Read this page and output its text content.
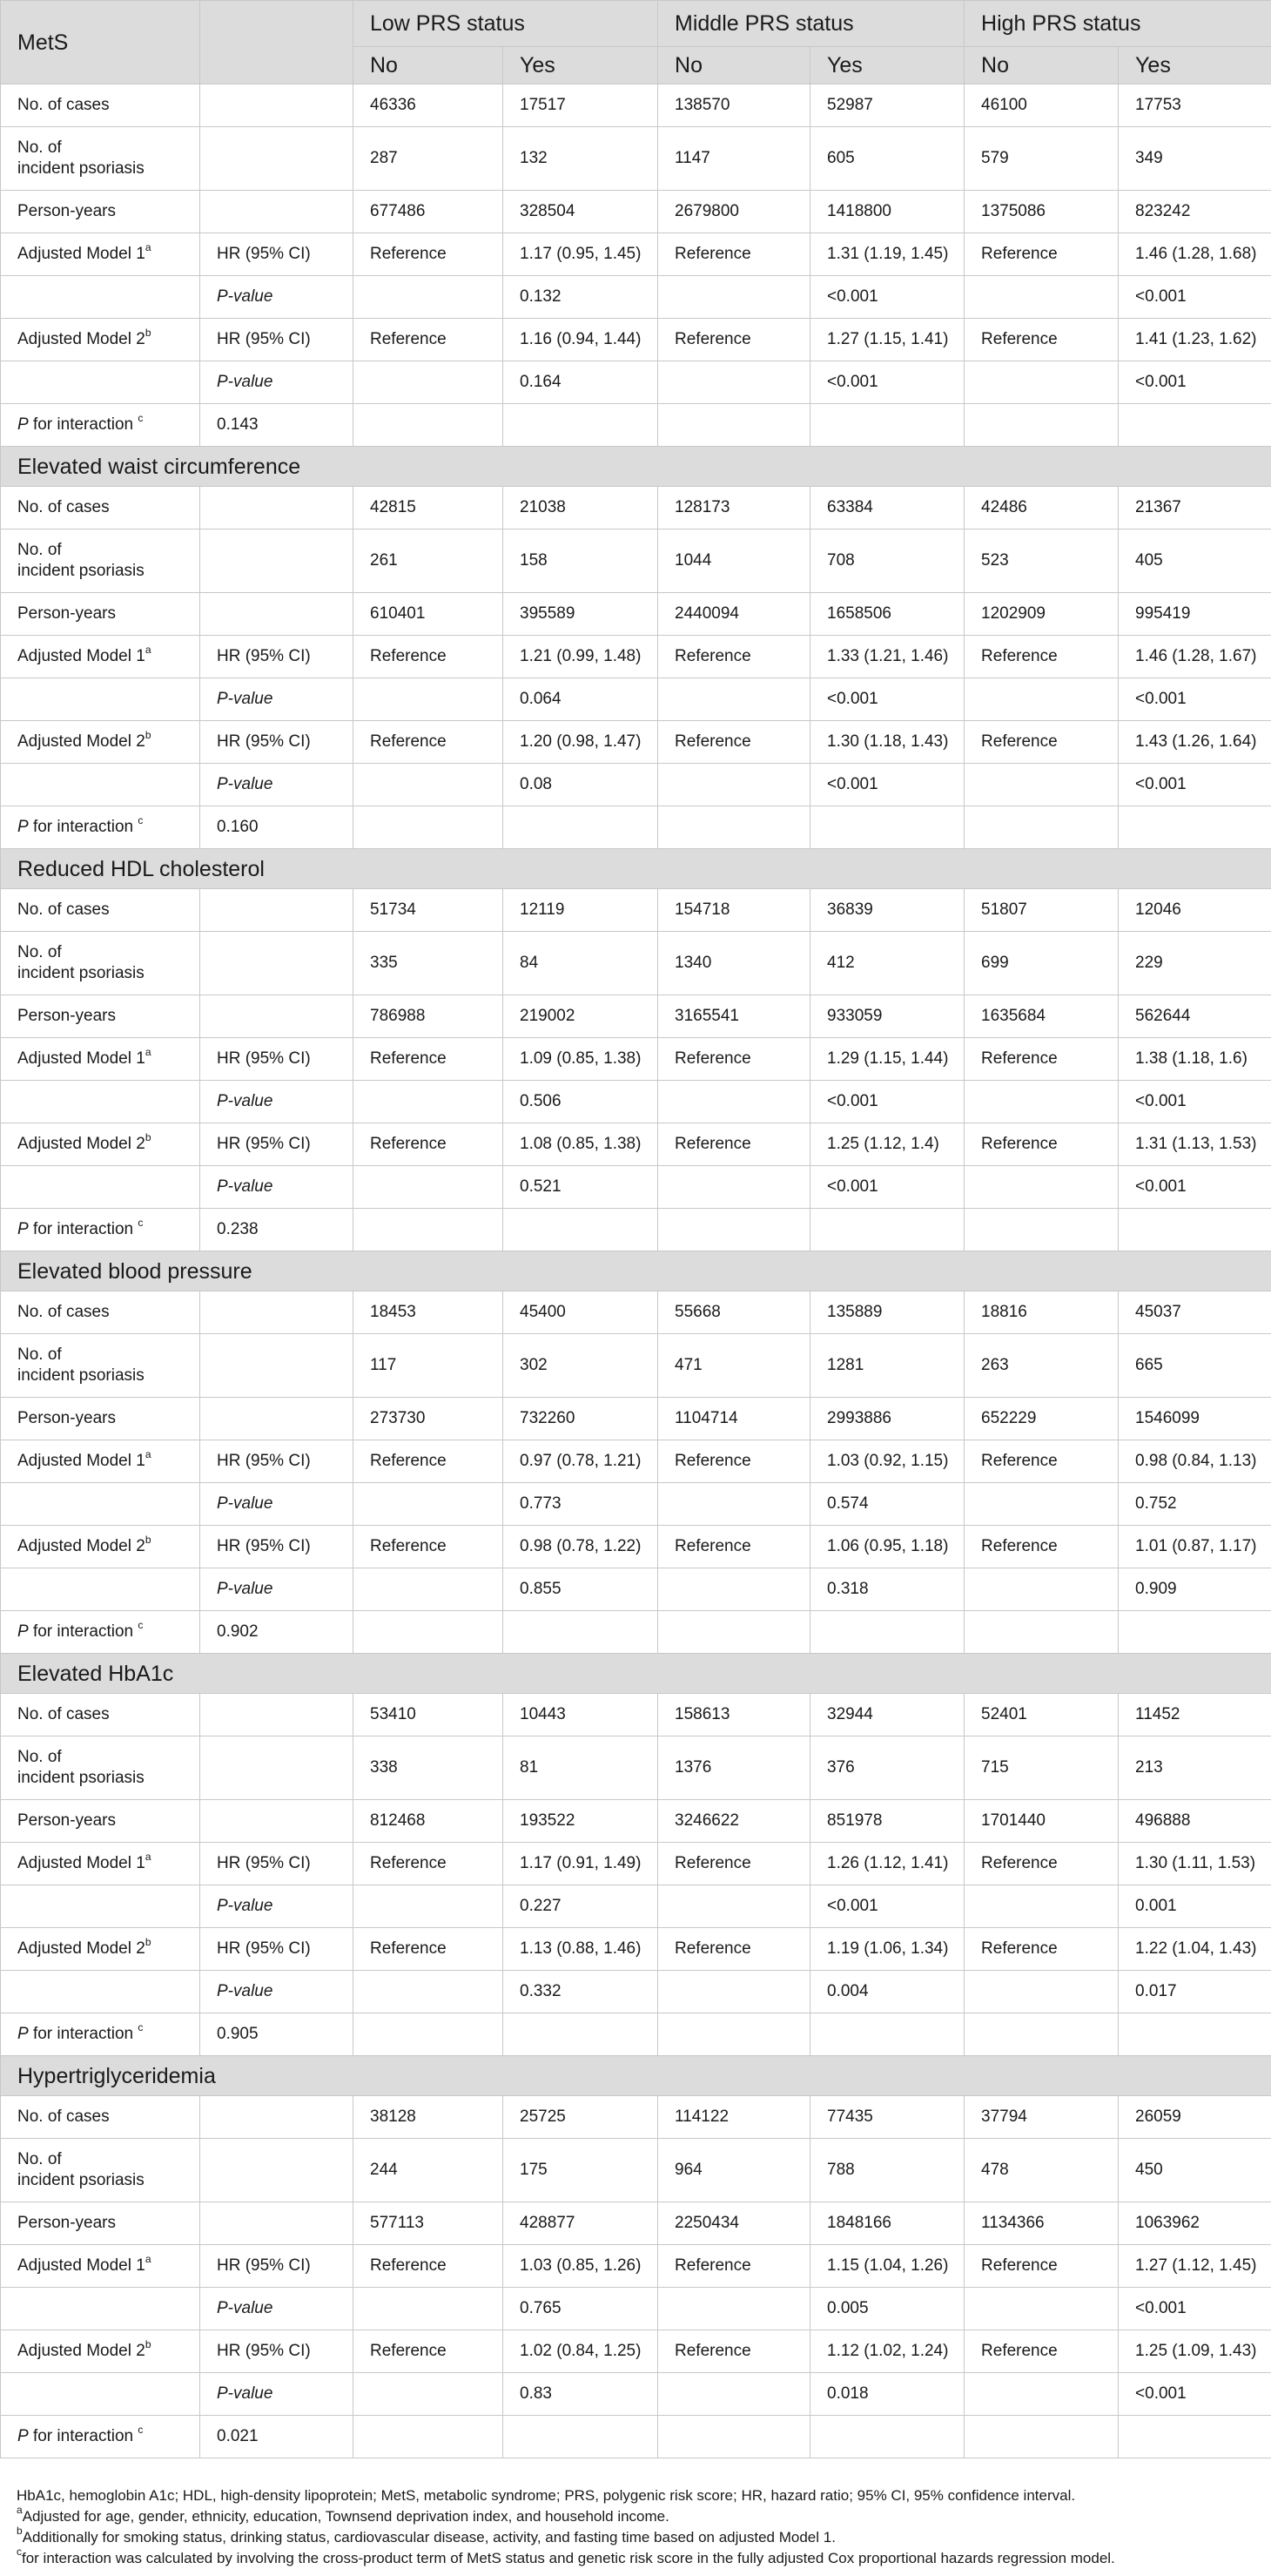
MetS		Low PRS status		Middle PRS status		High PRS status	
		No	Yes	No	Yes	No	Yes
No. of cases		46336	17517	138570	52987	46100	17753

No. of
incident psoriasis		287	132	1147	605	579	349
Person-years		677486	328504	2679800	1418800	1375086	823242
Adjusted Model 1$^a$	HR (95% CI)	Reference	1.17 (0.95, 1.45)	Reference	1.31 (1.19, 1.45)	Reference	1.46 (1.28, 1.68)
	P-value		0.132		<0.001		<0.001
Adjusted Model 2$^b$	HR (95% CI)	Reference	1.16 (0.94, 1.44)	Reference	1.27 (1.15, 1.41)	Reference	1.41 (1.23, 1.62)
	P-value		0.164		<0.001		<0.001
P for interaction $^c$	0.143						
Elevated waist circumference							
No. of cases		42815	21038	128173	63384	42486	21367

No. of
incident psoriasis		261	158	1044	708	523	405
Person-years		610401	395589	2440094	1658506	1202909	995419
Adjusted Model 1$^a$	HR (95% CI)	Reference	1.21 (0.99, 1.48)	Reference	1.33 (1.21, 1.46)	Reference	1.46 (1.28, 1.67)
	P-value		0.064		<0.001		<0.001
Adjusted Model 2$^b$	HR (95% CI)	Reference	1.20 (0.98, 1.47)	Reference	1.30 (1.18, 1.43)	Reference	1.43 (1.26, 1.64)
	P-value		0.08		<0.001		<0.001
P for interaction $^c$	0.160						
Reduced HDL cholesterol							
No. of cases		51734	12119	154718	36839	51807	12046

No. of
incident psoriasis		335	84	1340	412	699	229
Person-years		786988	219002	3165541	933059	1635684	562644
Adjusted Model 1$^a$	HR (95% CI)	Reference	1.09 (0.85, 1.38)	Reference	1.29 (1.15, 1.44)	Reference	1.38 (1.18, 1.6)
	P-value		0.506		<0.001		<0.001
Adjusted Model 2$^b$	HR (95% CI)	Reference	1.08 (0.85, 1.38)	Reference	1.25 (1.12, 1.4)	Reference	1.31 (1.13, 1.53)
	P-value		0.521		<0.001		<0.001
P for interaction $^c$	0.238						
Elevated blood pressure							
No. of cases		18453	45400	55668	135889	18816	45037

No. of
incident psoriasis		117	302	471	1281	263	665
Person-years		273730	732260	1104714	2993886	652229	1546099
Adjusted Model 1$^a$	HR (95% CI)	Reference	0.97 (0.78, 1.21)	Reference	1.03 (0.92, 1.15)	Reference	0.98 (0.84, 1.13)
	P-value		0.773		0.574		0.752
Adjusted Model 2$^b$	HR (95% CI)	Reference	0.98 (0.78, 1.22)	Reference	1.06 (0.95, 1.18)	Reference	1.01 (0.87, 1.17)
	P-value		0.855		0.318		0.909
P for interaction $^c$	0.902						
Elevated HbA1c							
No. of cases		53410	10443	158613	32944	52401	11452

No. of
incident psoriasis		338	81	1376	376	715	213
Person-years		812468	193522	3246622	851978	1701440	496888
Adjusted Model 1$^a$	HR (95% CI)	Reference	1.17 (0.91, 1.49)	Reference	1.26 (1.12, 1.41)	Reference	1.30 (1.11, 1.53)
	P-value		0.227		<0.001		0.001
Adjusted Model 2$^b$	HR (95% CI)	Reference	1.13 (0.88, 1.46)	Reference	1.19 (1.06, 1.34)	Reference	1.22 (1.04, 1.43)
	P-value		0.332		0.004		0.017
P for interaction $^c$	0.905						
Hypertriglyceridemia							
No. of cases		38128	25725	114122	77435	37794	26059

No. of
incident psoriasis		244	175	964	788	478	450
Person-years		577113	428877	2250434	1848166	1134366	1063962
Adjusted Model 1$^a$	HR (95% CI)	Reference	1.03 (0.85, 1.26)	Reference	1.15 (1.04, 1.26)	Reference	1.27 (1.12, 1.45)
	P-value		0.765		0.005		<0.001
Adjusted Model 2$^b$	HR (95% CI)	Reference	1.02 (0.84, 1.25)	Reference	1.12 (1.02, 1.24)	Reference	1.25 (1.09, 1.43)
	P-value		0.83		0.018		<0.001
P for interaction $^c$	0.021						
HbA1c, hemoglobin A1c; HDL, high-density lipoprotein; MetS, metabolic syndrome; PRS, polygenic risk score; HR, hazard ratio; 95% CI, 95% confidence interval.
$^a$Adjusted for age, gender, ethnicity, education, Townsend deprivation index, and household income.
$^b$Additionally for smoking status, drinking status, cardiovascular disease, activity, and fasting time based on adjusted Model 1.
$^c$for interaction was calculated by involving the cross-product term of MetS status and genetic risk score in the fully adjusted Cox proportional hazards regression model.
